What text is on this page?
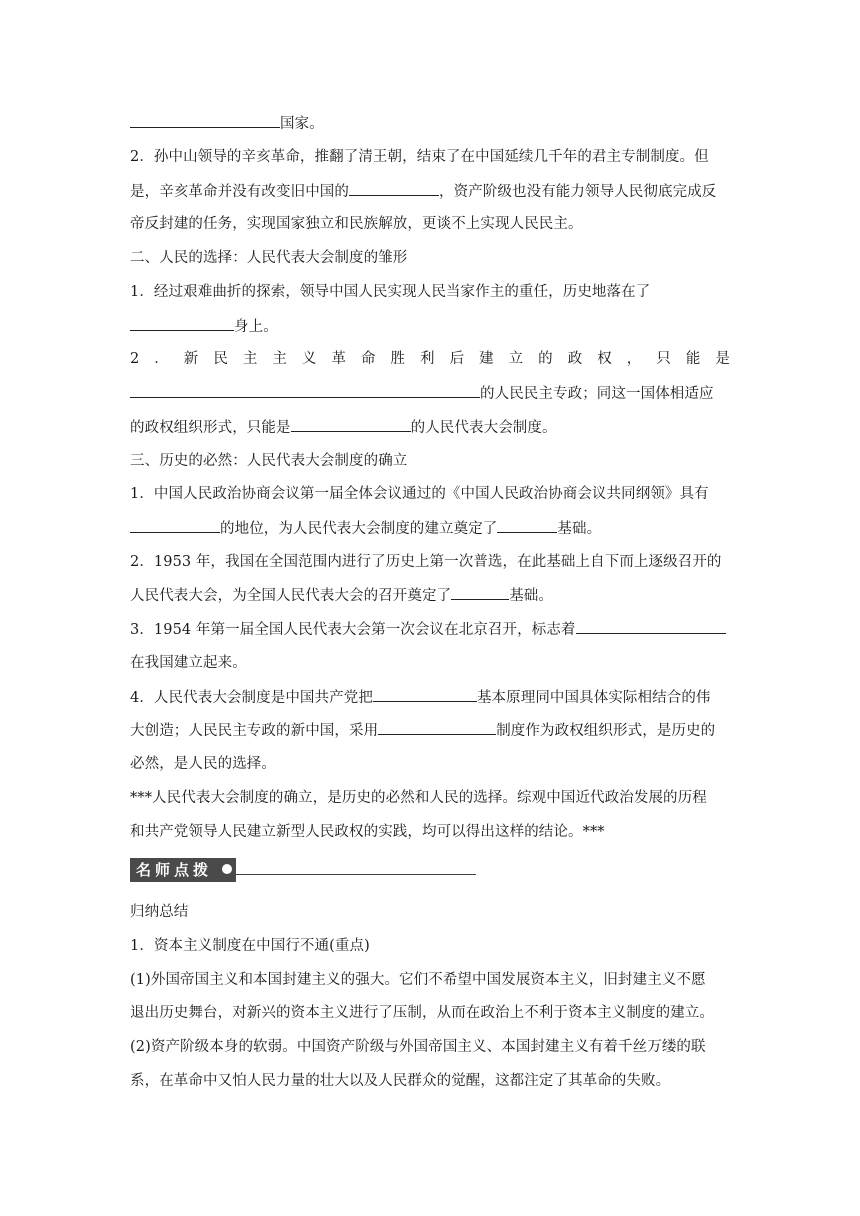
国家。
2．孙中山领导的辛亥革命，推翻了清王朝，结束了在中国延续几千年的君主专制制度。但
是，辛亥革命并没有改变旧中国的	，资产阶级也没有能力领导人民彻底完成反
帝反封建的任务，实现国家独立和民族解放，更谈不上实现人民民主。
二、人民的选择：人民代表大会制度的雏形
1．经过艰难曲折的探索，领导中国人民实现人民当家作主的重任，历史地落在了
身上。
2 ． 新 民 主 主 义 革 命 胜 利 后 建 立 的 政 权 ， 只 能 是
的人民民主专政；同这一国体相适应
的政权组织形式，只能是	的人民代表大会制度。
三、历史的必然：人民代表大会制度的确立
1．中国人民政治协商会议第一届全体会议通过的《中国人民政治协商会议共同纲领》具有
的地位，为人民代表大会制度的建立奠定了	基础。
2．1953 年，我国在全国范围内进行了历史上第一次普选，在此基础上自下而上逐级召开的
人民代表大会，为全国人民代表大会的召开奠定了	基础。
3．1954 年第一届全国人民代表大会第一次会议在北京召开，标志着
在我国建立起来。
4．人民代表大会制度是中国共产党把	基本原理同中国具体实际相结合的伟
大创造；人民民主专政的新中国，采用	制度作为政权组织形式，是历史的
必然，是人民的选择。
***人民代表大会制度的确立，是历史的必然和人民的选择。综观中国近代政治发展的历程
和共产党领导人民建立新型人民政权的实践，均可以得出这样的结论。***
名师点拨
归纳总结
1．资本主义制度在中国行不通(重点)
(1)外国帝国主义和本国封建主义的强大。它们不希望中国发展资本主义，旧封建主义不愿
退出历史舞台，对新兴的资本主义进行了压制，从而在政治上不利于资本主义制度的建立。
(2)资产阶级本身的软弱。中国资产阶级与外国帝国主义、本国封建主义有着千丝万缕的联
系，在革命中又怕人民力量的壮大以及人民群众的觉醒，这都注定了其革命的失败。
